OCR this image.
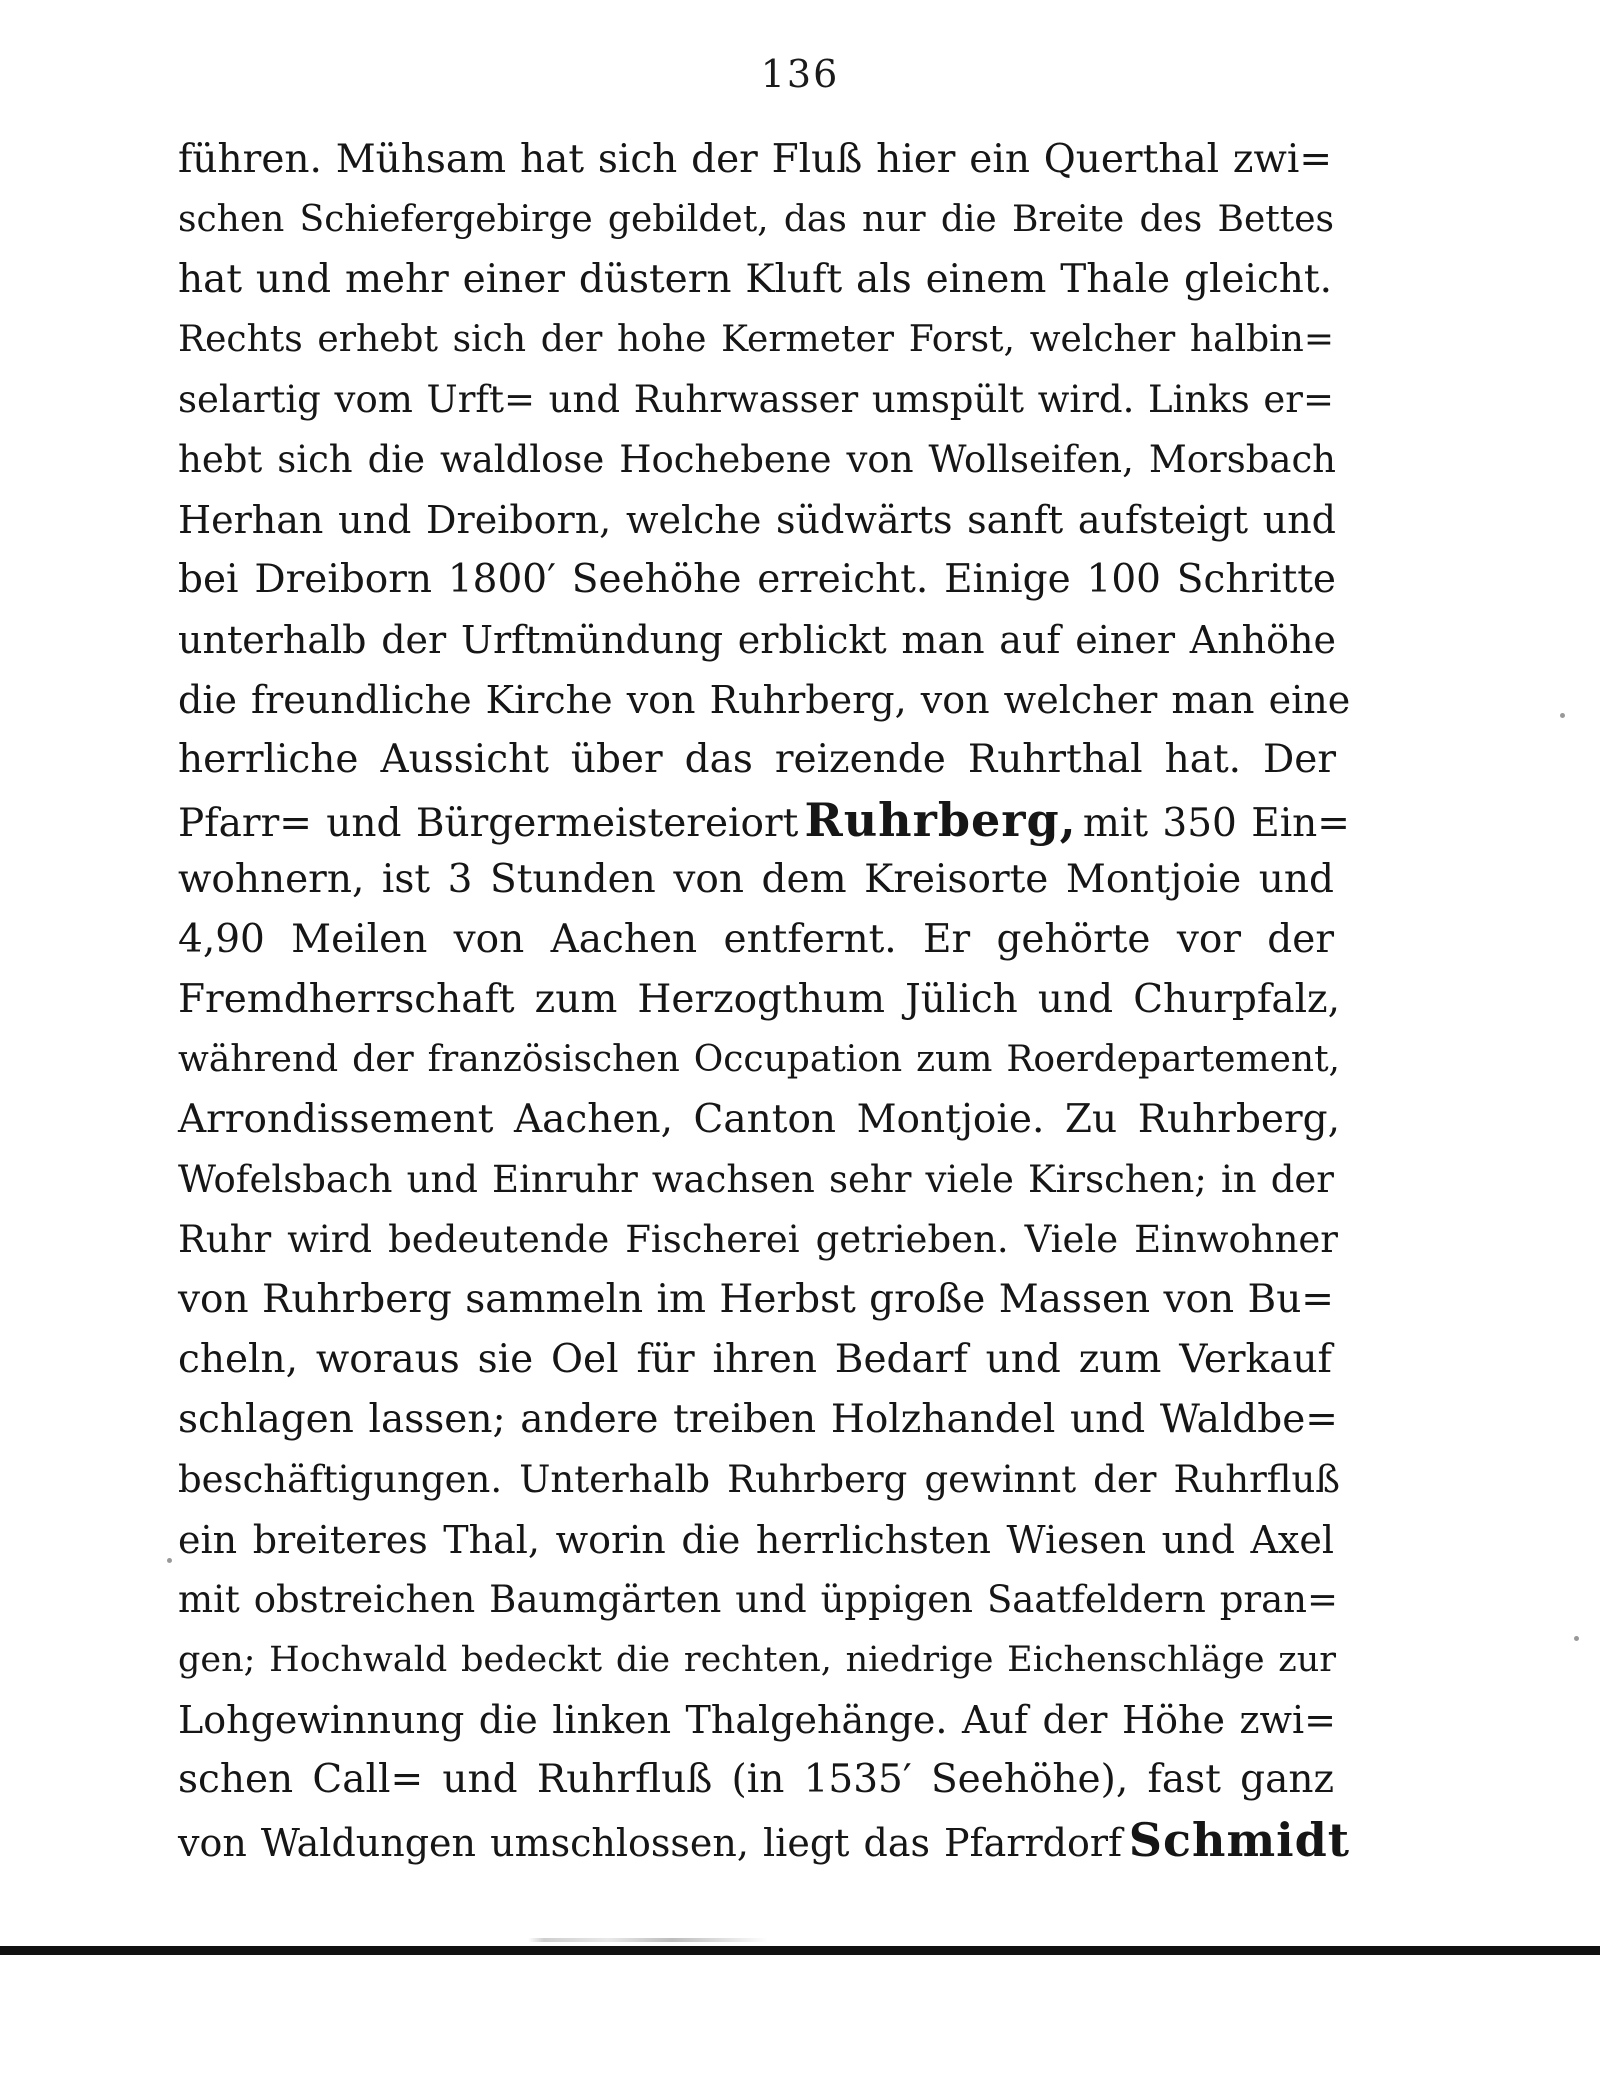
136
führen. Mühsam hat sich der Fluß hier ein Querthal zwi=
schen Schiefergebirge gebildet, das nur die Breite des Bettes
hat und mehr einer düstern Kluft als einem Thale gleicht.
Rechts erhebt sich der hohe Kermeter Forst, welcher halbin=
selartig vom Urft= und Ruhrwasser umspült wird. Links er=
hebt sich die waldlose Hochebene von Wollseifen, Morsbach
Herhan und Dreiborn, welche südwärts sanft aufsteigt und
bei Dreiborn 1800′ Seehöhe erreicht. Einige 100 Schritte
unterhalb der Urftmündung erblickt man auf einer Anhöhe
die freundliche Kirche von Ruhrberg, von welcher man eine
herrliche Aussicht über das reizende Ruhrthal hat. Der
Pfarr= und Bürgermeistereiort Ruhrberg, mit 350 Ein=
wohnern, ist 3 Stunden von dem Kreisorte Montjoie und
4,90 Meilen von Aachen entfernt. Er gehörte vor der
Fremdherrschaft zum Herzogthum Jülich und Churpfalz,
während der französischen Occupation zum Roerdepartement,
Arrondissement Aachen, Canton Montjoie. Zu Ruhrberg,
Wofelsbach und Einruhr wachsen sehr viele Kirschen; in der
Ruhr wird bedeutende Fischerei getrieben. Viele Einwohner
von Ruhrberg sammeln im Herbst große Massen von Bu=
cheln, woraus sie Oel für ihren Bedarf und zum Verkauf
schlagen lassen; andere treiben Holzhandel und Waldbe=
beschäftigungen. Unterhalb Ruhrberg gewinnt der Ruhrfluß
ein breiteres Thal, worin die herrlichsten Wiesen und Axel
mit obstreichen Baumgärten und üppigen Saatfeldern pran=
gen; Hochwald bedeckt die rechten, niedrige Eichenschläge zur
Lohgewinnung die linken Thalgehänge. Auf der Höhe zwi=
schen Call= und Ruhrfluß (in 1535′ Seehöhe), fast ganz
von Waldungen umschlossen, liegt das Pfarrdorf Schmidt
